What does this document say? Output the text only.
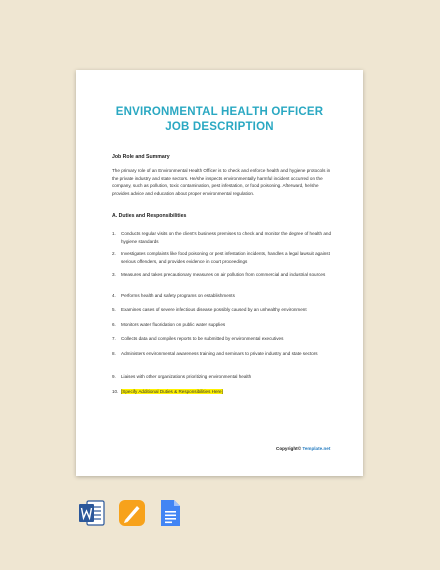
ENVIRONMENTAL HEALTH OFFICER
JOB DESCRIPTION
Job Role and Summary
The primary role of an Environmental Health Officer is to check and enforce health and hygiene protocols in the private industry and state sectors. He/she inspects environmentally harmful incident occurred on the company, such as pollution, toxic contamination, pest infestation, or food poisoning. Afterward, he/she provides advice and education about proper environmental regulation.
A. Duties and Responsibilities
1. Conducts regular visits on the client's business premises to check and monitor the degree of health and hygiene standards
2. Investigates complaints like food poisoning or pest infestation incidents, handles a legal lawsuit against serious offenders, and provides evidence in court proceedings
3. Measures and takes precautionary measures on air pollution from commercial and industrial sources
4. Performs health and safety programs on establishments
5. Examines cases of severe infectious disease possibly caused by an unhealthy environment
6. Monitors water fluoridation on public water supplies
7. Collects data and compiles reports to be submitted by environmental executives
8. Administers environmental awareness training and seminars to private industry and state sectors
9. Liaises with other organizations prioritizing environmental health
10. [Specify Additional Duties & Responsibilities Here]
Copyright© Template.net
